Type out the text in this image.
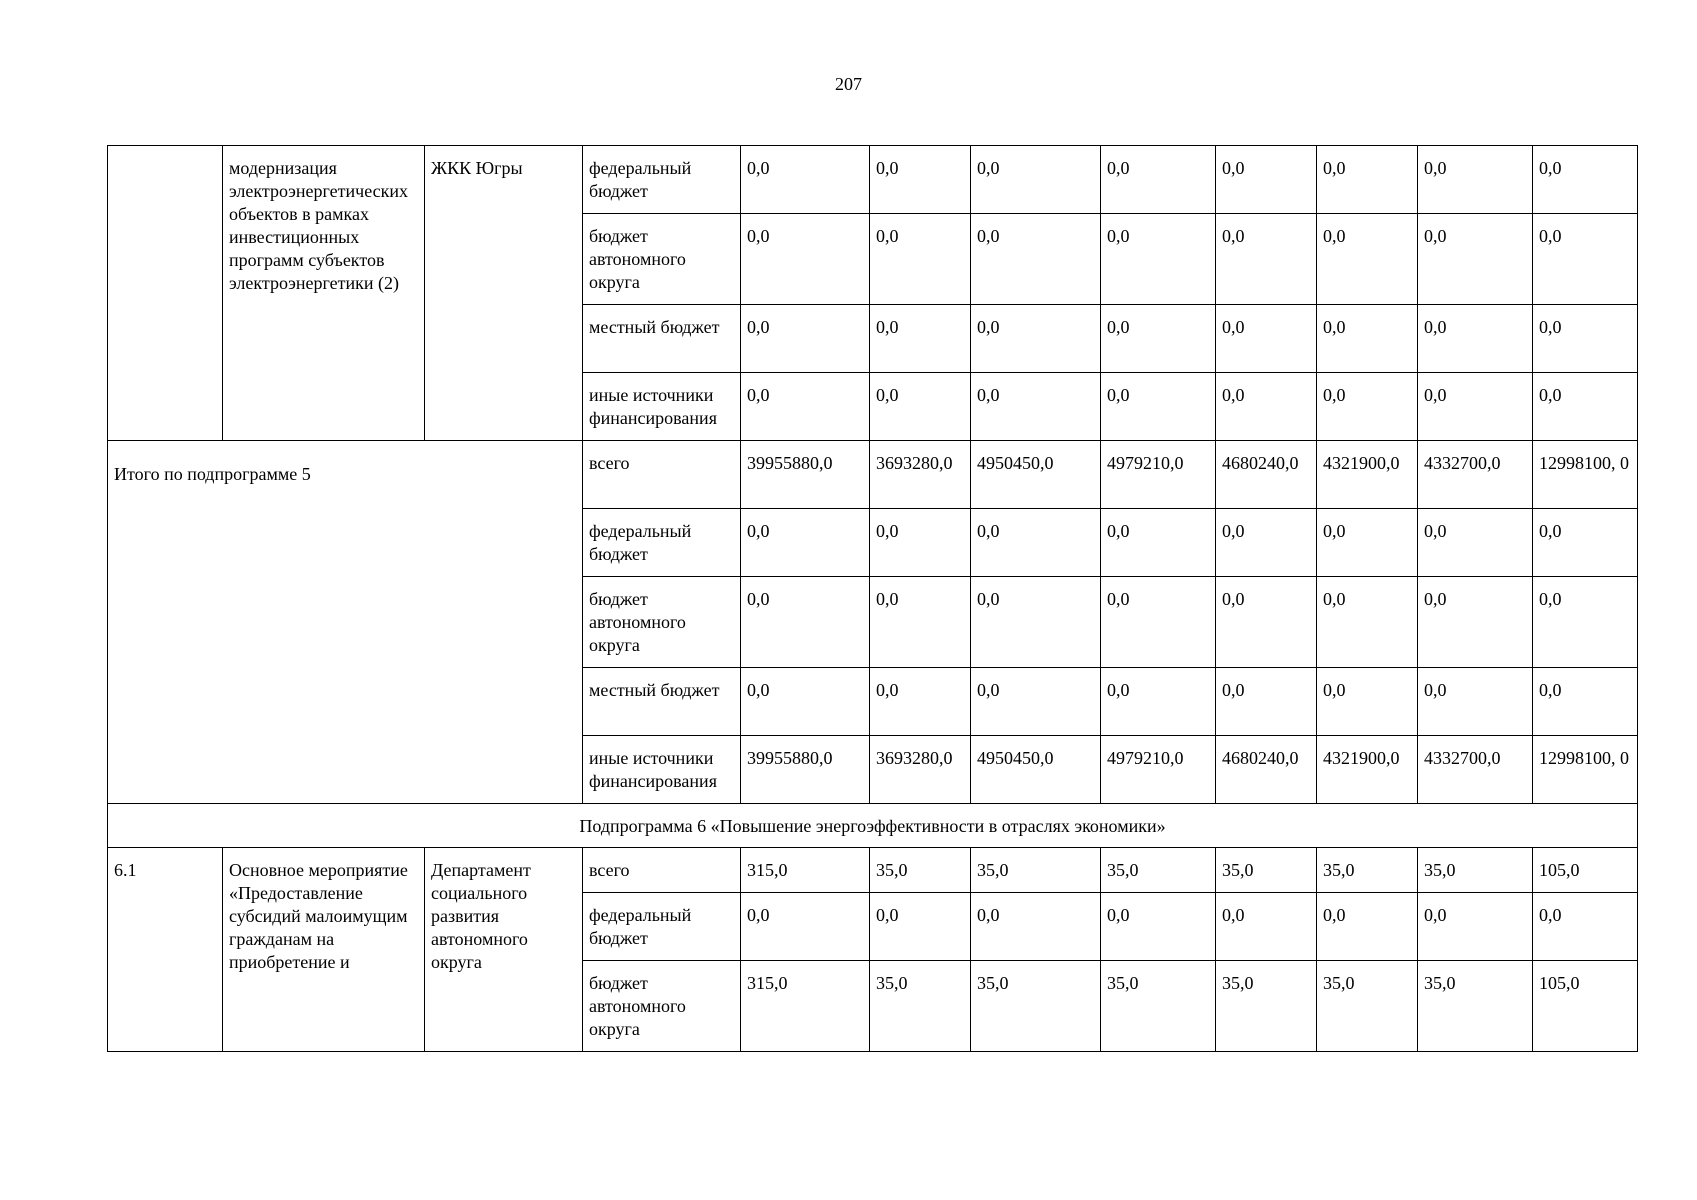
207
	модернизация электроэнергетических объектов в рамках инвестиционных программ субъектов электроэнергетики (2)	ЖКК Югры	федеральный бюджет	0,0	0,0	0,0	0,0	0,0	0,0	0,0	0,0
			бюджет автономного округа	0,0	0,0	0,0	0,0	0,0	0,0	0,0	0,0
			местный бюджет	0,0	0,0	0,0	0,0	0,0	0,0	0,0	0,0
			иные источники финансирования	0,0	0,0	0,0	0,0	0,0	0,0	0,0	0,0
Итого по подпрограмме 5			всего	39955880,0	3693280,0	4950450,0	4979210,0	4680240,0	4321900,0	4332700,0	12998100, 0
			федеральный бюджет	0,0	0,0	0,0	0,0	0,0	0,0	0,0	0,0
			бюджет автономного округа	0,0	0,0	0,0	0,0	0,0	0,0	0,0	0,0
			местный бюджет	0,0	0,0	0,0	0,0	0,0	0,0	0,0	0,0
			иные источники финансирования	39955880,0	3693280,0	4950450,0	4979210,0	4680240,0	4321900,0	4332700,0	12998100, 0
Подпрограмма 6 «Повышение энергоэффективности в отраслях экономики»											
6.1	Основное мероприятие «Предоставление субсидий малоимущим гражданам на приобретение и	Департамент социального развития автономного округа	всего	315,0	35,0	35,0	35,0	35,0	35,0	35,0	105,0
			федеральный бюджет	0,0	0,0	0,0	0,0	0,0	0,0	0,0	0,0
			бюджет автономного округа	315,0	35,0	35,0	35,0	35,0	35,0	35,0	105,0
